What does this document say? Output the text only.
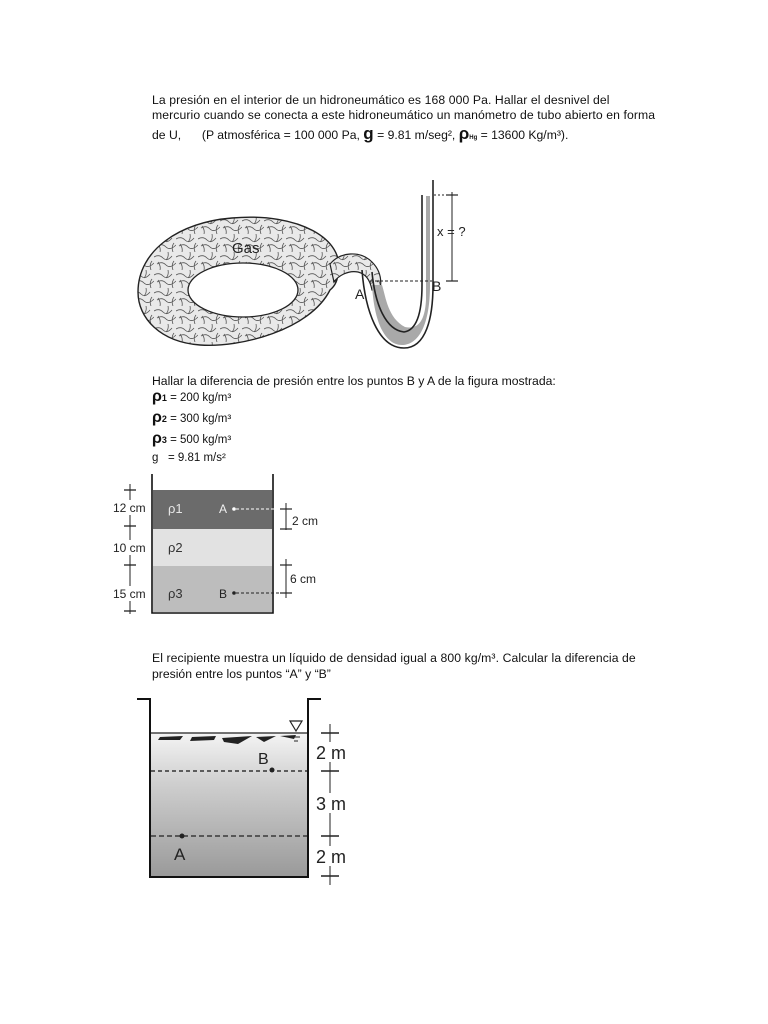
La presión en el interior de un hidroneumático es 168 000 Pa. Hallar el desnivel del
mercurio cuando se conecta a este hidroneumático un manómetro de tubo abierto en forma
de U, (P atmosférica = 100 000 Pa, g = 9.81 m/seg², ρHg = 13600 Kg/m³).
Gas
x = ?
A	B
Hallar la diferencia de presión entre los puntos B y A de la figura mostrada:
ρ1 = 200 kg/m³
ρ2 = 300 kg/m³
ρ3 = 500 kg/m³
g   = 9.81 m/s²
12 cm
10 cm
15 cm
ρ1
ρ2
ρ3
A
B
2 cm
6 cm
El recipiente muestra un líquido de densidad igual a 800 kg/m³. Calcular la diferencia de
presión entre los puntos “A” y “B”
B
A
2 m
3 m
2 m
